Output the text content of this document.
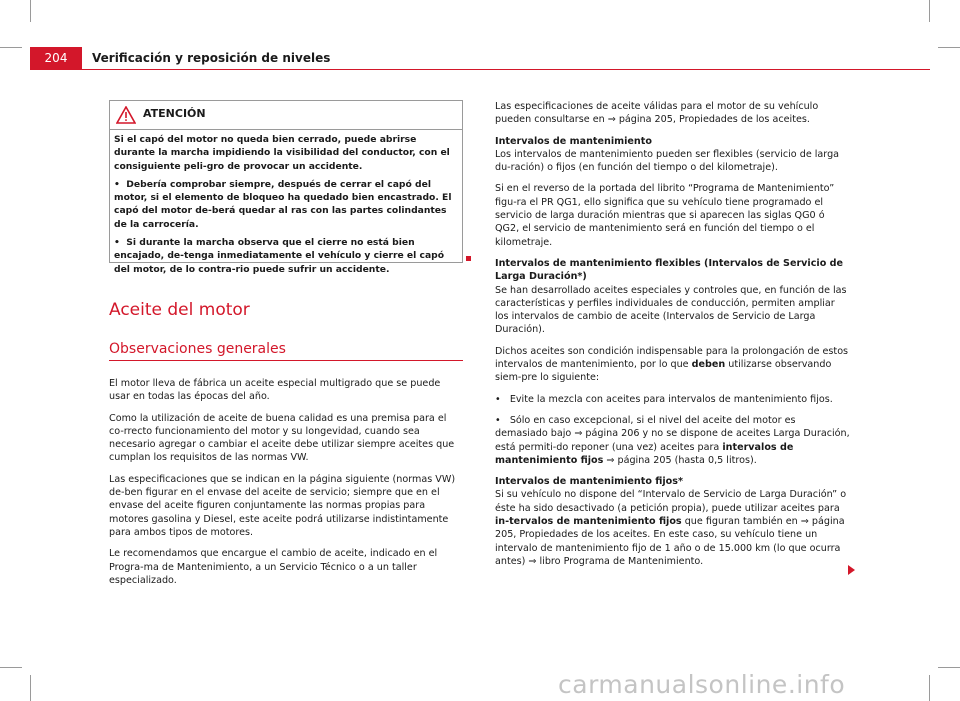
204	Verificación y reposición de niveles
ATENCIÓN

Si el capó del motor no queda bien cerrado, puede abrirse durante la marcha impidiendo la visibilidad del conductor, con el consiguiente peli-gro de provocar un accidente.

•  Debería comprobar siempre, después de cerrar el capó del motor, si el elemento de bloqueo ha quedado bien encastrado. El capó del motor de-berá quedar al ras con las partes colindantes de la carrocería.

•  Si durante la marcha observa que el cierre no está bien encajado, de-tenga inmediatamente el vehículo y cierre el capó del motor, de lo contra-rio puede sufrir un accidente.

Aceite del motor
Observaciones generales

El motor lleva de fábrica un aceite especial multigrado que se puede usar en todas las épocas del año.

Como la utilización de aceite de buena calidad es una premisa para el co-rrecto funcionamiento del motor y su longevidad, cuando sea necesario agregar o cambiar el aceite debe utilizar siempre aceites que cumplan los requisitos de las normas VW.

Las especificaciones que se indican en la página siguiente (normas VW) de-ben figurar en el envase del aceite de servicio; siempre que en el envase del aceite figuren conjuntamente las normas propias para motores gasolina y Diesel, este aceite podrá utilizarse indistintamente para ambos tipos de motores.

Le recomendamos que encargue el cambio de aceite, indicado en el Progra-ma de Mantenimiento, a un Servicio Técnico o a un taller especializado.

Las especificaciones de aceite válidas para el motor de su vehículo pueden consultarse en ⇒ página 205, Propiedades de los aceites.

Intervalos de mantenimiento

Los intervalos de mantenimiento pueden ser flexibles (servicio de larga du-ración) o fijos (en función del tiempo o del kilometraje).

Si en el reverso de la portada del librito “Programa de Mantenimiento” figu-ra el PR QG1, ello significa que su vehículo tiene programado el servicio de larga duración mientras que si aparecen las siglas QG0 ó QG2, el servicio de mantenimiento será en función del tiempo o el kilometraje.

Intervalos de mantenimiento flexibles (Intervalos de Servicio de Larga Duración*)

Se han desarrollado aceites especiales y controles que, en función de las características y perfiles individuales de conducción, permiten ampliar los intervalos de cambio de aceite (Intervalos de Servicio de Larga Duración).

Dichos aceites son condición indispensable para la prolongación de estos intervalos de mantenimiento, por lo que deben utilizarse observando siem-pre lo siguiente:

•   Evite la mezcla con aceites para intervalos de mantenimiento fijos.

•   Sólo en caso excepcional, si el nivel del aceite del motor es demasiado bajo ⇒ página 206 y no se dispone de aceites Larga Duración, está permiti-do reponer (una vez) aceites para intervalos de mantenimiento fijos ⇒ página 205 (hasta 0,5 litros).

Intervalos de mantenimiento fijos*

Si su vehículo no dispone del “Intervalo de Servicio de Larga Duración” o éste ha sido desactivado (a petición propia), puede utilizar aceites para in-tervalos de mantenimiento fijos que figuran también en ⇒ página 205, Propiedades de los aceites. En este caso, su vehículo tiene un intervalo de mantenimiento fijo de 1 año o de 15.000 km (lo que ocurra antes) ⇒ libro Programa de Mantenimiento.

carmanualsonline.info
